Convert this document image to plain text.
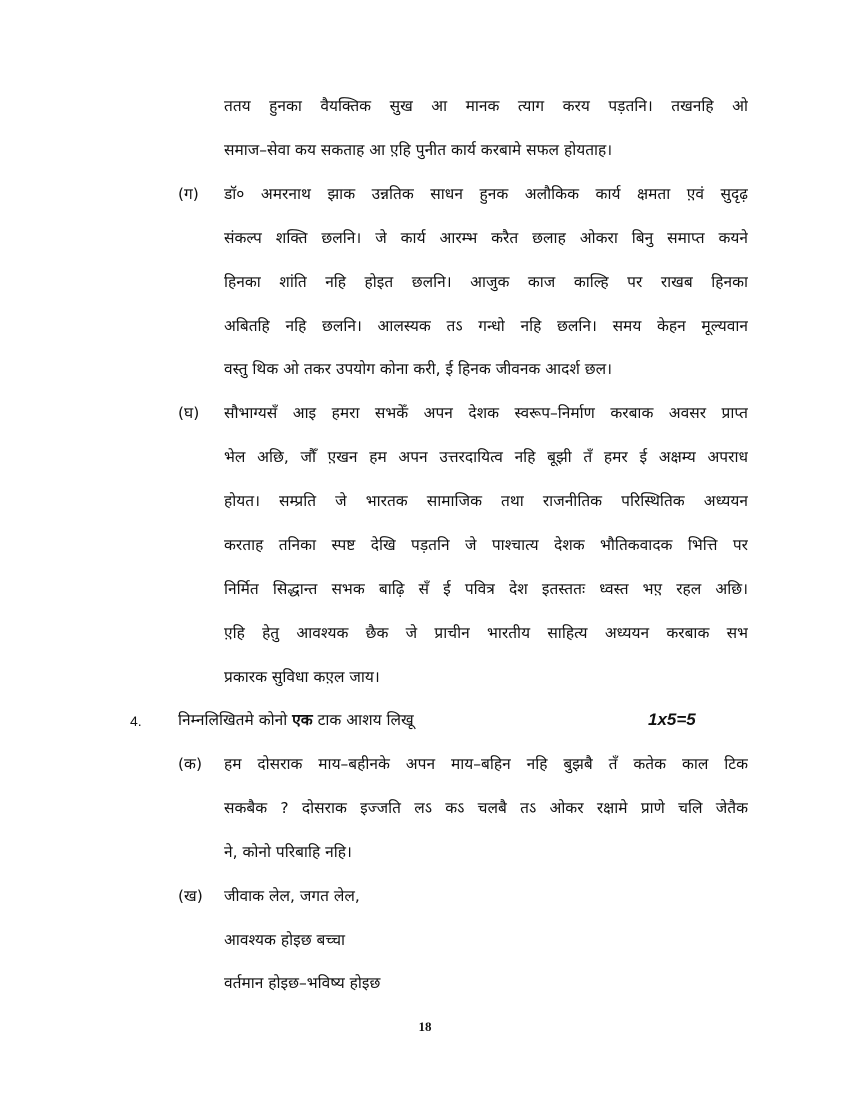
ततय हुनका वैयक्तिक सुख आ मानक त्याग करय पड़तनि। तखनहि ओ
समाज–सेवा कय सकताह आ ए़हि पुनीत कार्य करबामे सफल होयताह।
(ग) डॉ० अमरनाथ झाक उन्नतिक साधन हुनक अलौकिक कार्य क्षमता ए़वं सुदृढ़
संकल्प शक्ति छलनि। जे कार्य आरम्भ करैत छलाह ओकरा बिनु समाप्त कयने
हिनका शांति नहि होइत छलनि। आजुक काज काल्हि पर राखब हिनका
अबितहि नहि छलनि। आलस्यक तऽ गन्धो नहि छलनि। समय केहन मूल्यवान
वस्तु थिक ओ तकर उपयोग कोना करी, ई हिनक जीवनक आदर्श छल।
(घ) सौभाग्यसँ आइ हमरा सभकेँ अपन देशक स्वरूप–निर्माण करबाक अवसर प्राप्त
भेल अछि, जौँ ए़खन हम अपन उत्तरदायित्व नहि बूझी तँ हमर ई अक्षम्य अपराध
होयत। सम्प्रति जे भारतक सामाजिक तथा राजनीतिक परिस्थितिक अध्ययन
करताह तनिका स्पष्ट देखि पड़तनि जे पाश्चात्य देशक भौतिकवादक भित्ति पर
निर्मित सिद्धान्त सभक बाढ़ि सँ ई पवित्र देश इतस्ततः ध्वस्त भए़ रहल अछि।
ए़हि हेतु आवश्यक छैक जे प्राचीन भारतीय साहित्य अध्ययन करबाक सभ
प्रकारक सुविधा कए़ल जाय।
4. निम्नलिखितमे कोनो एक टाक आशय लिखू	1x5=5
(क) हम दोसराक माय–बहीनके अपन माय–बहिन नहि बुझबै तँ कतेक काल टिक
सकबैक ? दोसराक इज्जति लऽ कऽ चलबै तऽ ओकर रक्षामे प्राणे चलि जेतैक
ने, कोनो परिबाहि नहि।
(ख) जीवाक लेल, जगत लेल,
आवश्यक होइछ बच्चा
वर्तमान होइछ–भविष्य होइछ
18
